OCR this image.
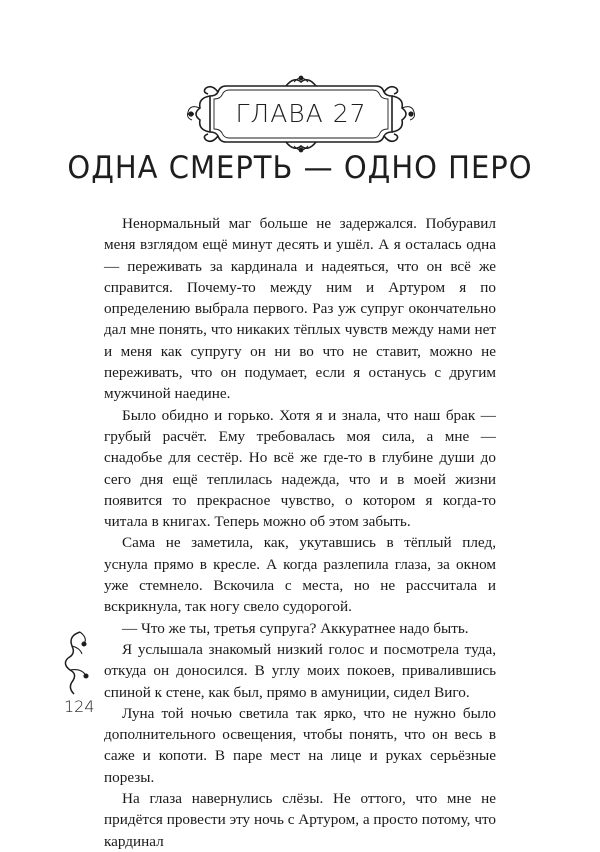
ГЛАВА 27
ОДНА СМЕРТЬ — ОДНО ПЕРО

Ненормальный маг больше не задержался. Побуравил меня взглядом ещё минут десять и ушёл. А я осталась одна — переживать за кардинала и надеяться, что он всё же справится. Почему-то между ним и Артуром я по определению выбрала первого. Раз уж супруг окончательно дал мне понять, что никаких тёплых чувств между нами нет и меня как супругу он ни во что не ставит, можно не переживать, что он подумает, если я останусь с другим мужчиной наедине.

Было обидно и горько. Хотя я и знала, что наш брак — грубый расчёт. Ему требовалась моя сила, а мне — снадобье для сестёр. Но всё же где-то в глубине души до сего дня ещё теплилась надежда, что и в моей жизни появится то прекрасное чувство, о котором я когда-то читала в книгах. Теперь можно об этом забыть.

Сама не заметила, как, укутавшись в тёплый плед, уснула прямо в кресле. А когда разлепила глаза, за окном уже стемнело. Вскочила с места, но не рассчитала и вскрикнула, так ногу свело судорогой.

— Что же ты, третья супруга? Аккуратнее надо быть.

Я услышала знакомый низкий голос и посмотрела туда, откуда он доносился. В углу моих покоев, привалившись спиной к стене, как был, прямо в амуниции, сидел Виго.

Луна той ночью светила так ярко, что не нужно было дополнительного освещения, чтобы понять, что он весь в саже и копоти. В паре мест на лице и руках серьёзные порезы.

На глаза навернулись слёзы. Не оттого, что мне не придётся провести эту ночь с Артуром, а просто потому, что кардинал

124
